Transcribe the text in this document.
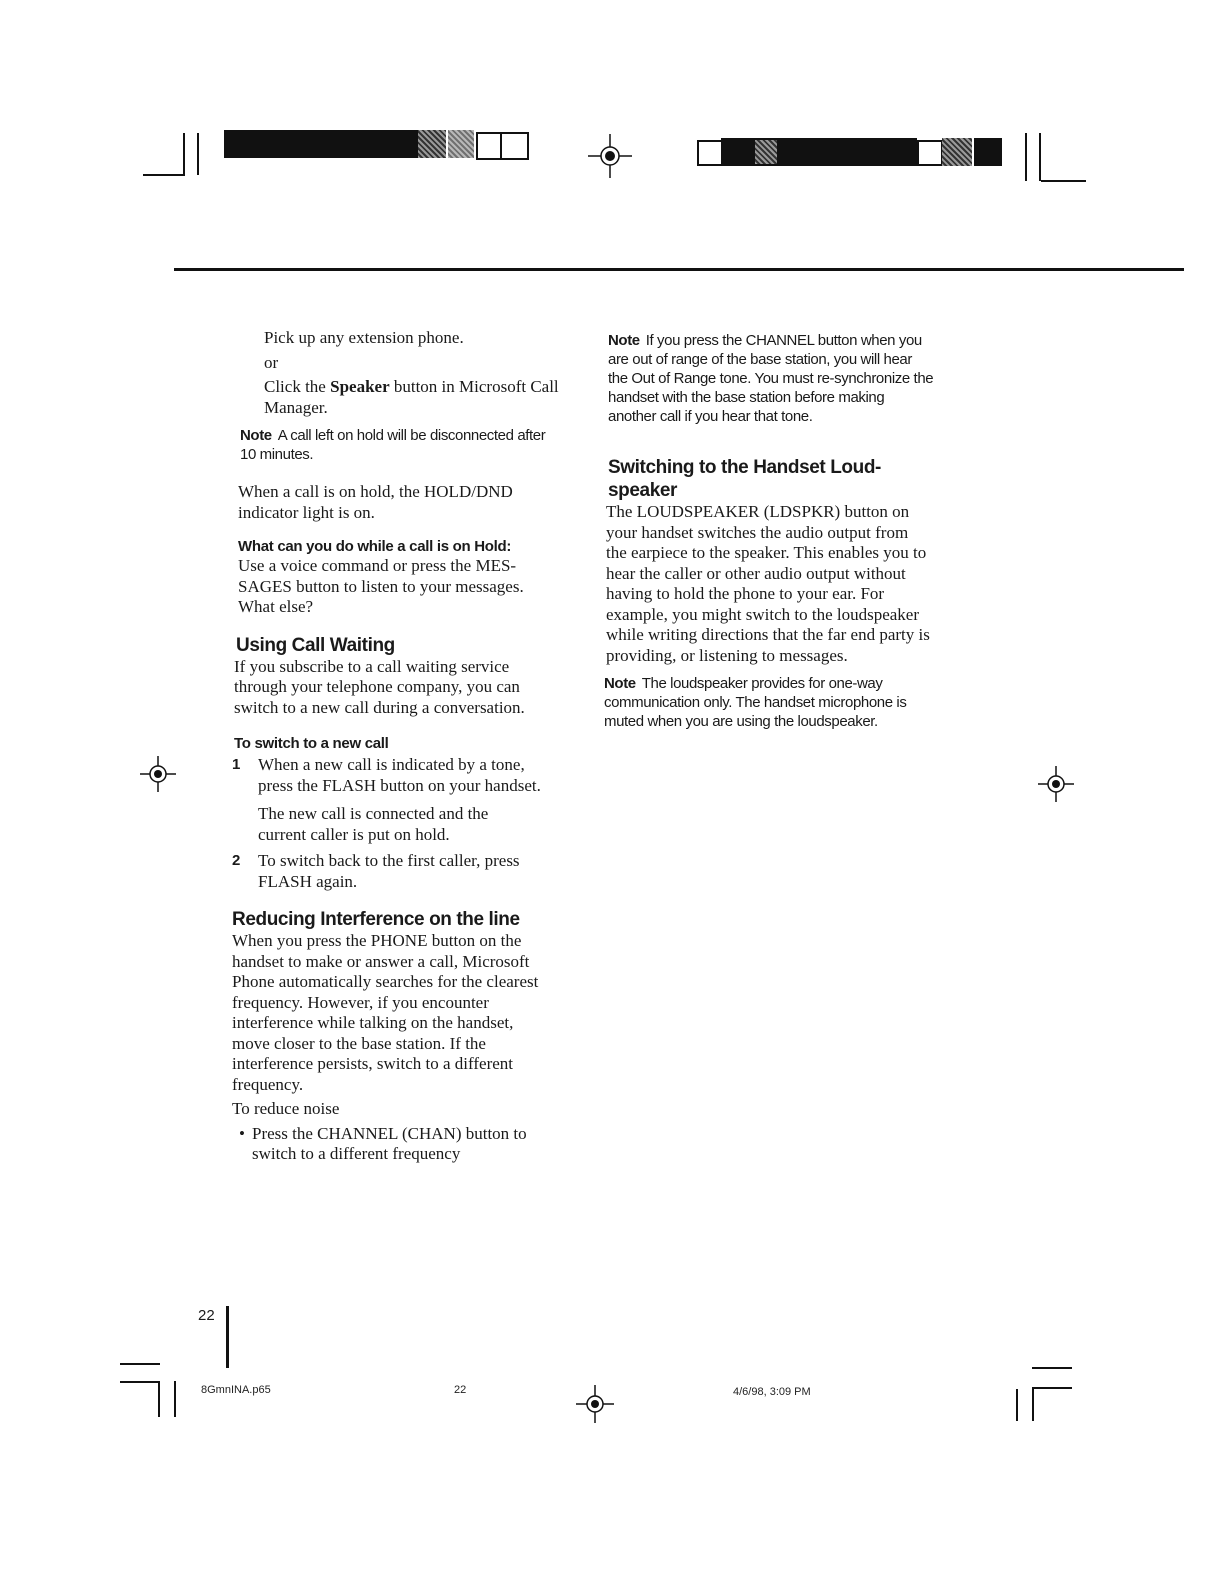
Pick up any extension phone.

or

Click the Speaker button in Microsoft Call Manager.

Note A call left on hold will be disconnected after 10 minutes.

When a call is on hold, the HOLD/DND indicator light is on.

What can you do while a call is on Hold:

Use a voice command or press the MES-SAGES button to listen to your messages. What else?

Using Call Waiting

If you subscribe to a call waiting service through your telephone company, you can switch to a new call during a conversation.

To switch to a new call

1	When a new call is indicated by a tone, press the FLASH button on your handset.

The new call is connected and the current caller is put on hold.

2	To switch back to the first caller, press FLASH again.

Reducing Interference on the line

When you press the PHONE button on the handset to make or answer a call, Microsoft Phone automatically searches for the clearest frequency. However, if you encounter interference while talking on the handset, move closer to the base station. If the interference persists, switch to a different frequency.

To reduce noise

• Press the CHANNEL (CHAN) button to switch to a different frequency

Note If you press the CHANNEL button when you are out of range of the base station, you will hear the Out of Range tone. You must re-synchronize the handset with the base station before making another call if you hear that tone.

Switching to the Handset Loud-speaker

The LOUDSPEAKER (LDSPKR) button on your handset switches the audio output from the earpiece to the speaker. This enables you to hear the caller or other audio output without having to hold the phone to your ear. For example, you might switch to the loudspeaker while writing directions that the far end party is providing, or listening to messages.

Note The loudspeaker provides for one-way communication only. The handset microphone is muted when you are using the loudspeaker.

22
8GmnINA.p65	22	4/6/98, 3:09 PM
